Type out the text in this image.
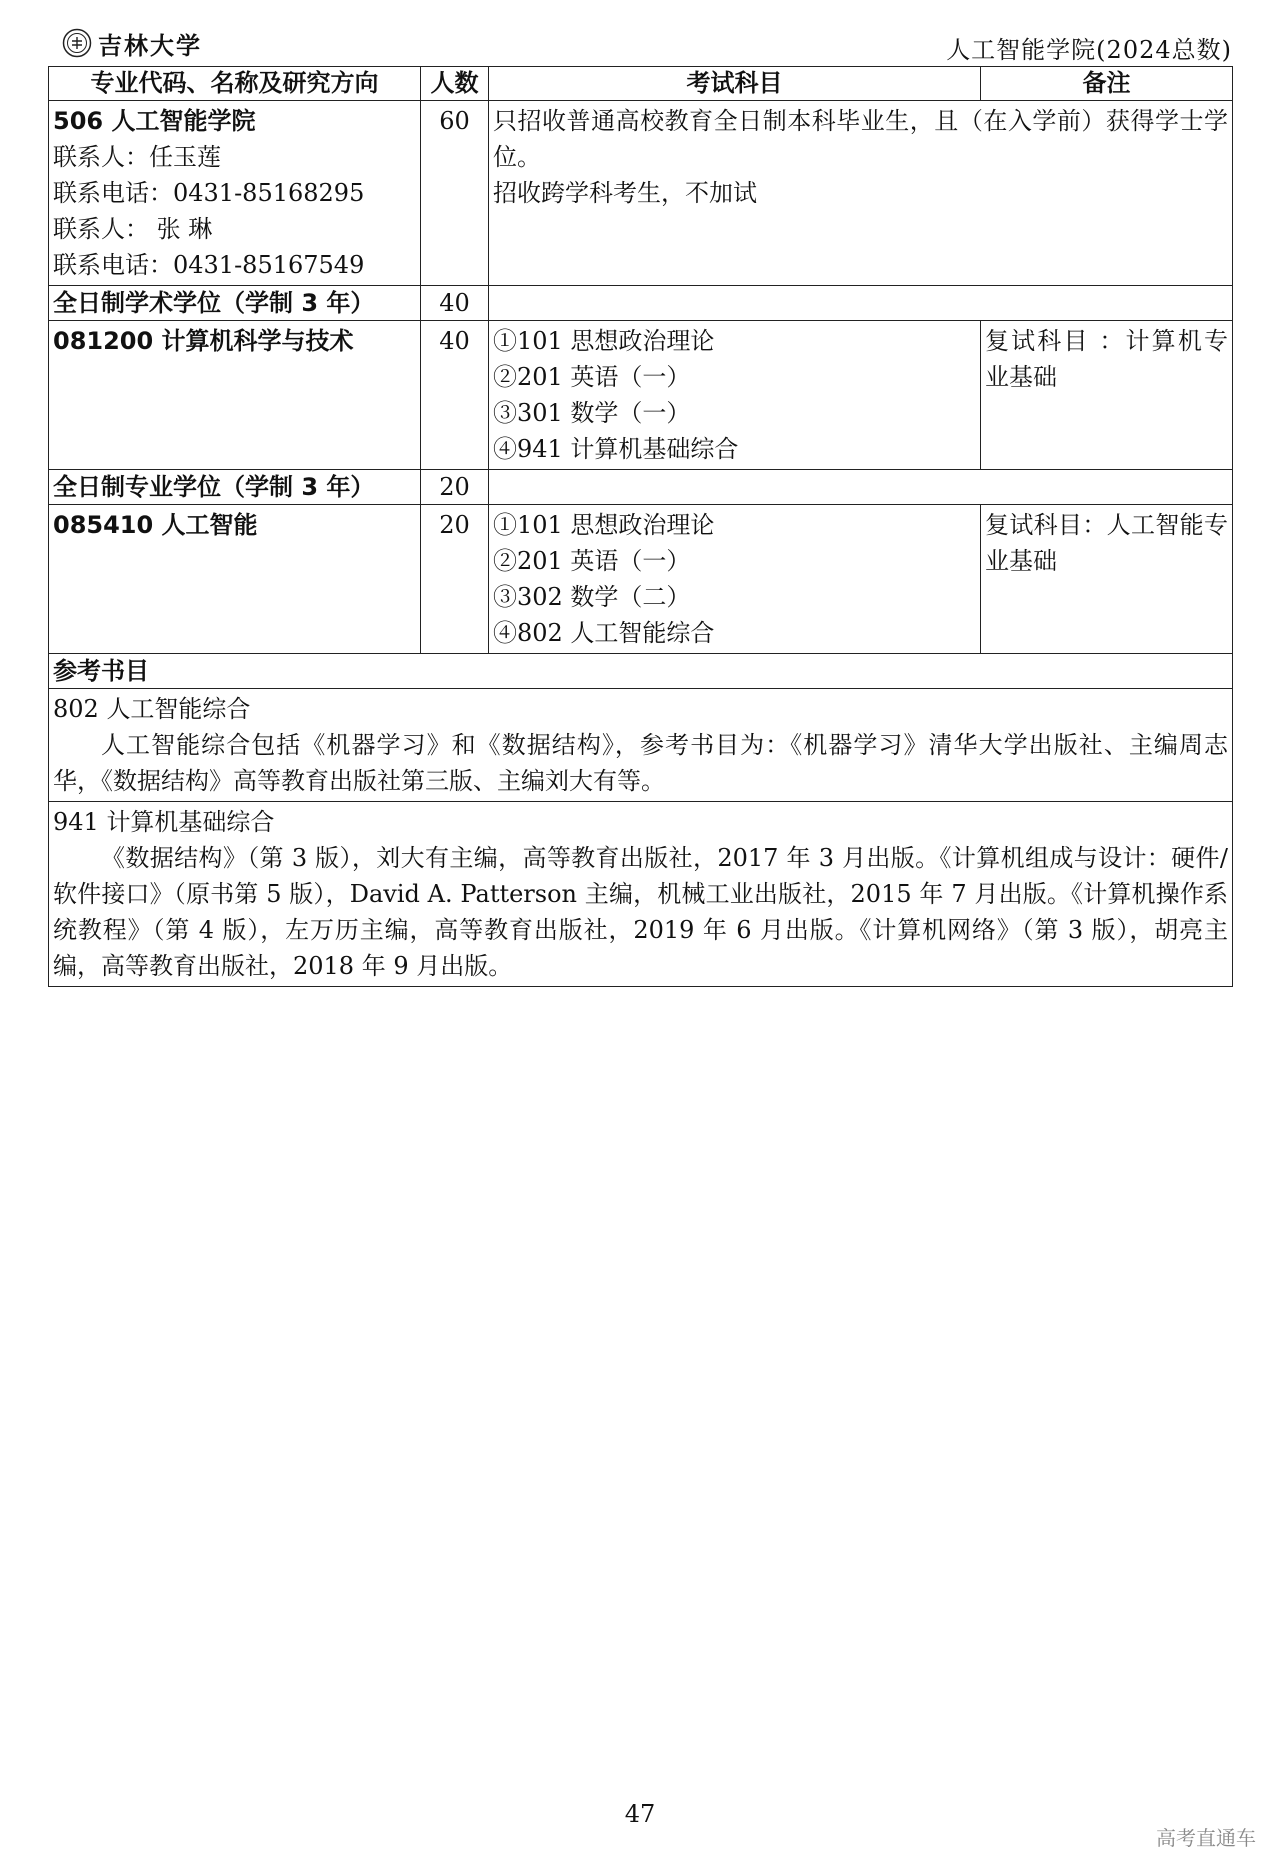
吉林大学	人工智能学院(2024总数)
专业代码、名称及研究方向	人数	考试科目	备注

506 人工智能学院
联系人：任玉莲
联系电话：0431-85168295
联系人： 张 琳
联系电话：0431-85167549	60	只招收普通高校教育全日制本科毕业生，且（在入学前）获得学士学位。
招收跨学科考生，不加试	

全日制学术学位（学制 3 年）	40		
081200 计算机科学与技术	40	①101 思想政治理论
②201 英语（一）
③301 数学（一）
④941 计算机基础综合	复试科目 ：计算机专业基础
全日制专业学位（学制 3 年）	20		
085410 人工智能	20	①101 思想政治理论
②201 英语（一）
③302 数学（二）
④802 人工智能综合	复试科目：人工智能专业基础
参考书目			

802 人工智能综合
人工智能综合包括《机器学习》和《数据结构》，参考书目为：《机器学习》清华大学出版社、主编周志华，《数据结构》高等教育出版社第三版、主编刘大有等。			

941 计算机基础综合
《数据结构》（第 3 版），刘大有主编，高等教育出版社，2017 年 3 月出版。《计算机组成与设计：硬件/软件接口》（原书第 5 版），David A. Patterson 主编，机械工业出版社，2015 年 7 月出版。《计算机操作系统教程》（第 4 版），左万历主编，高等教育出版社，2019 年 6 月出版。《计算机网络》（第 3 版），胡亮主编，高等教育出版社，2018 年 9 月出版。			
47
高考直通车
